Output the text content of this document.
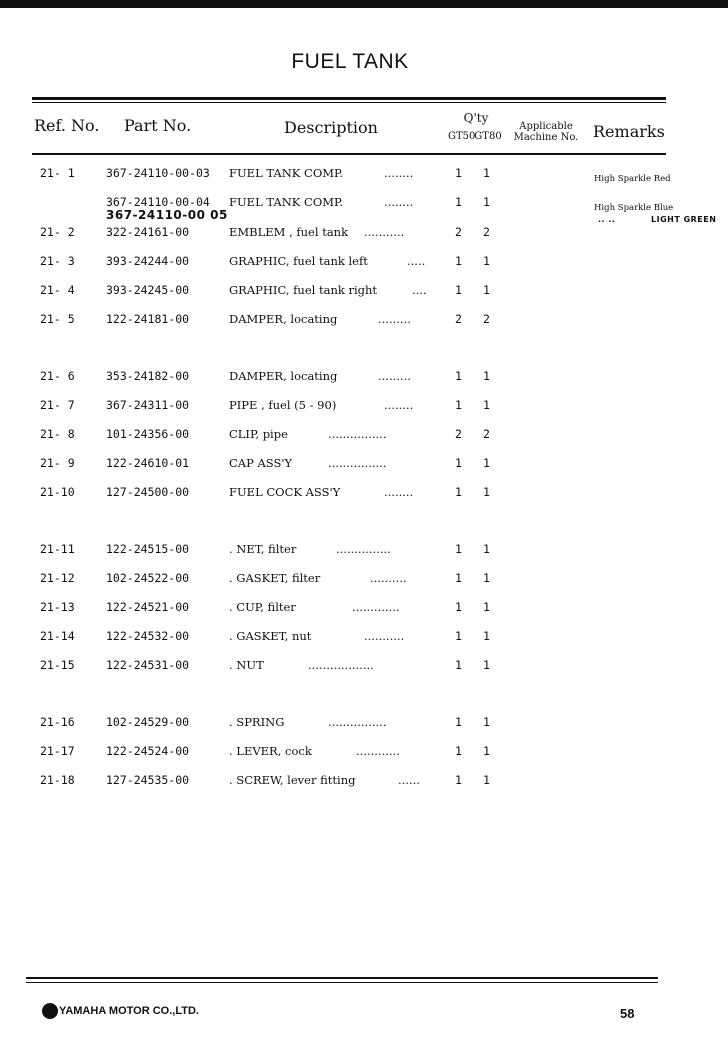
FUEL TANK
Ref. No. Part No.	Description	Q'ty
GT50
GT80
Applicable
Machine No. Remarks
21- 1	367-24110-00-03 FUEL TANK COMP.	........	1 1	High Sparkle Red
367-24110-00-04 FUEL TANK COMP.	........	1 1	High Sparkle Blue
367-24110-00 05	.. ..	LIGHT GREEN
21- 2	322-24161-00	EMBLEM , fuel tank ...........	2 2
21- 3	393-24244-00	GRAPHIC, fuel tank left	.....	1 1
21- 4	393-24245-00	GRAPHIC, fuel tank right	.... 1 1
21- 5	122-24181-00	DAMPER, locating	.........	2 2
21- 6	353-24182-00	DAMPER, locating	.........	1 1
21- 7	367-24311-00	PIPE , fuel (5 - 90)	........	1 1
21- 8	101-24356-00	CLIP, pipe	................	2 2
21- 9	122-24610-01	CAP ASS'Y	................	1 1
21-10	127-24500-00	FUEL COCK ASS'Y	........	1 1
21-11	122-24515-00	. NET, filter	...............	1 1
21-12	102-24522-00	. GASKET, filter	..........	1 1
21-13	122-24521-00	. CUP, filter	.............	1 1
21-14	122-24532-00	. GASKET, nut	...........	1 1
21-15	122-24531-00	. NUT	..................	1 1
21-16	102-24529-00	. SPRING	................	1 1
21-17	122-24524-00	. LEVER, cock	............	1 1
21-18	127-24535-00	. SCREW, lever fitting	......	1 1
YAMAHA MOTOR CO.,LTD.	58
